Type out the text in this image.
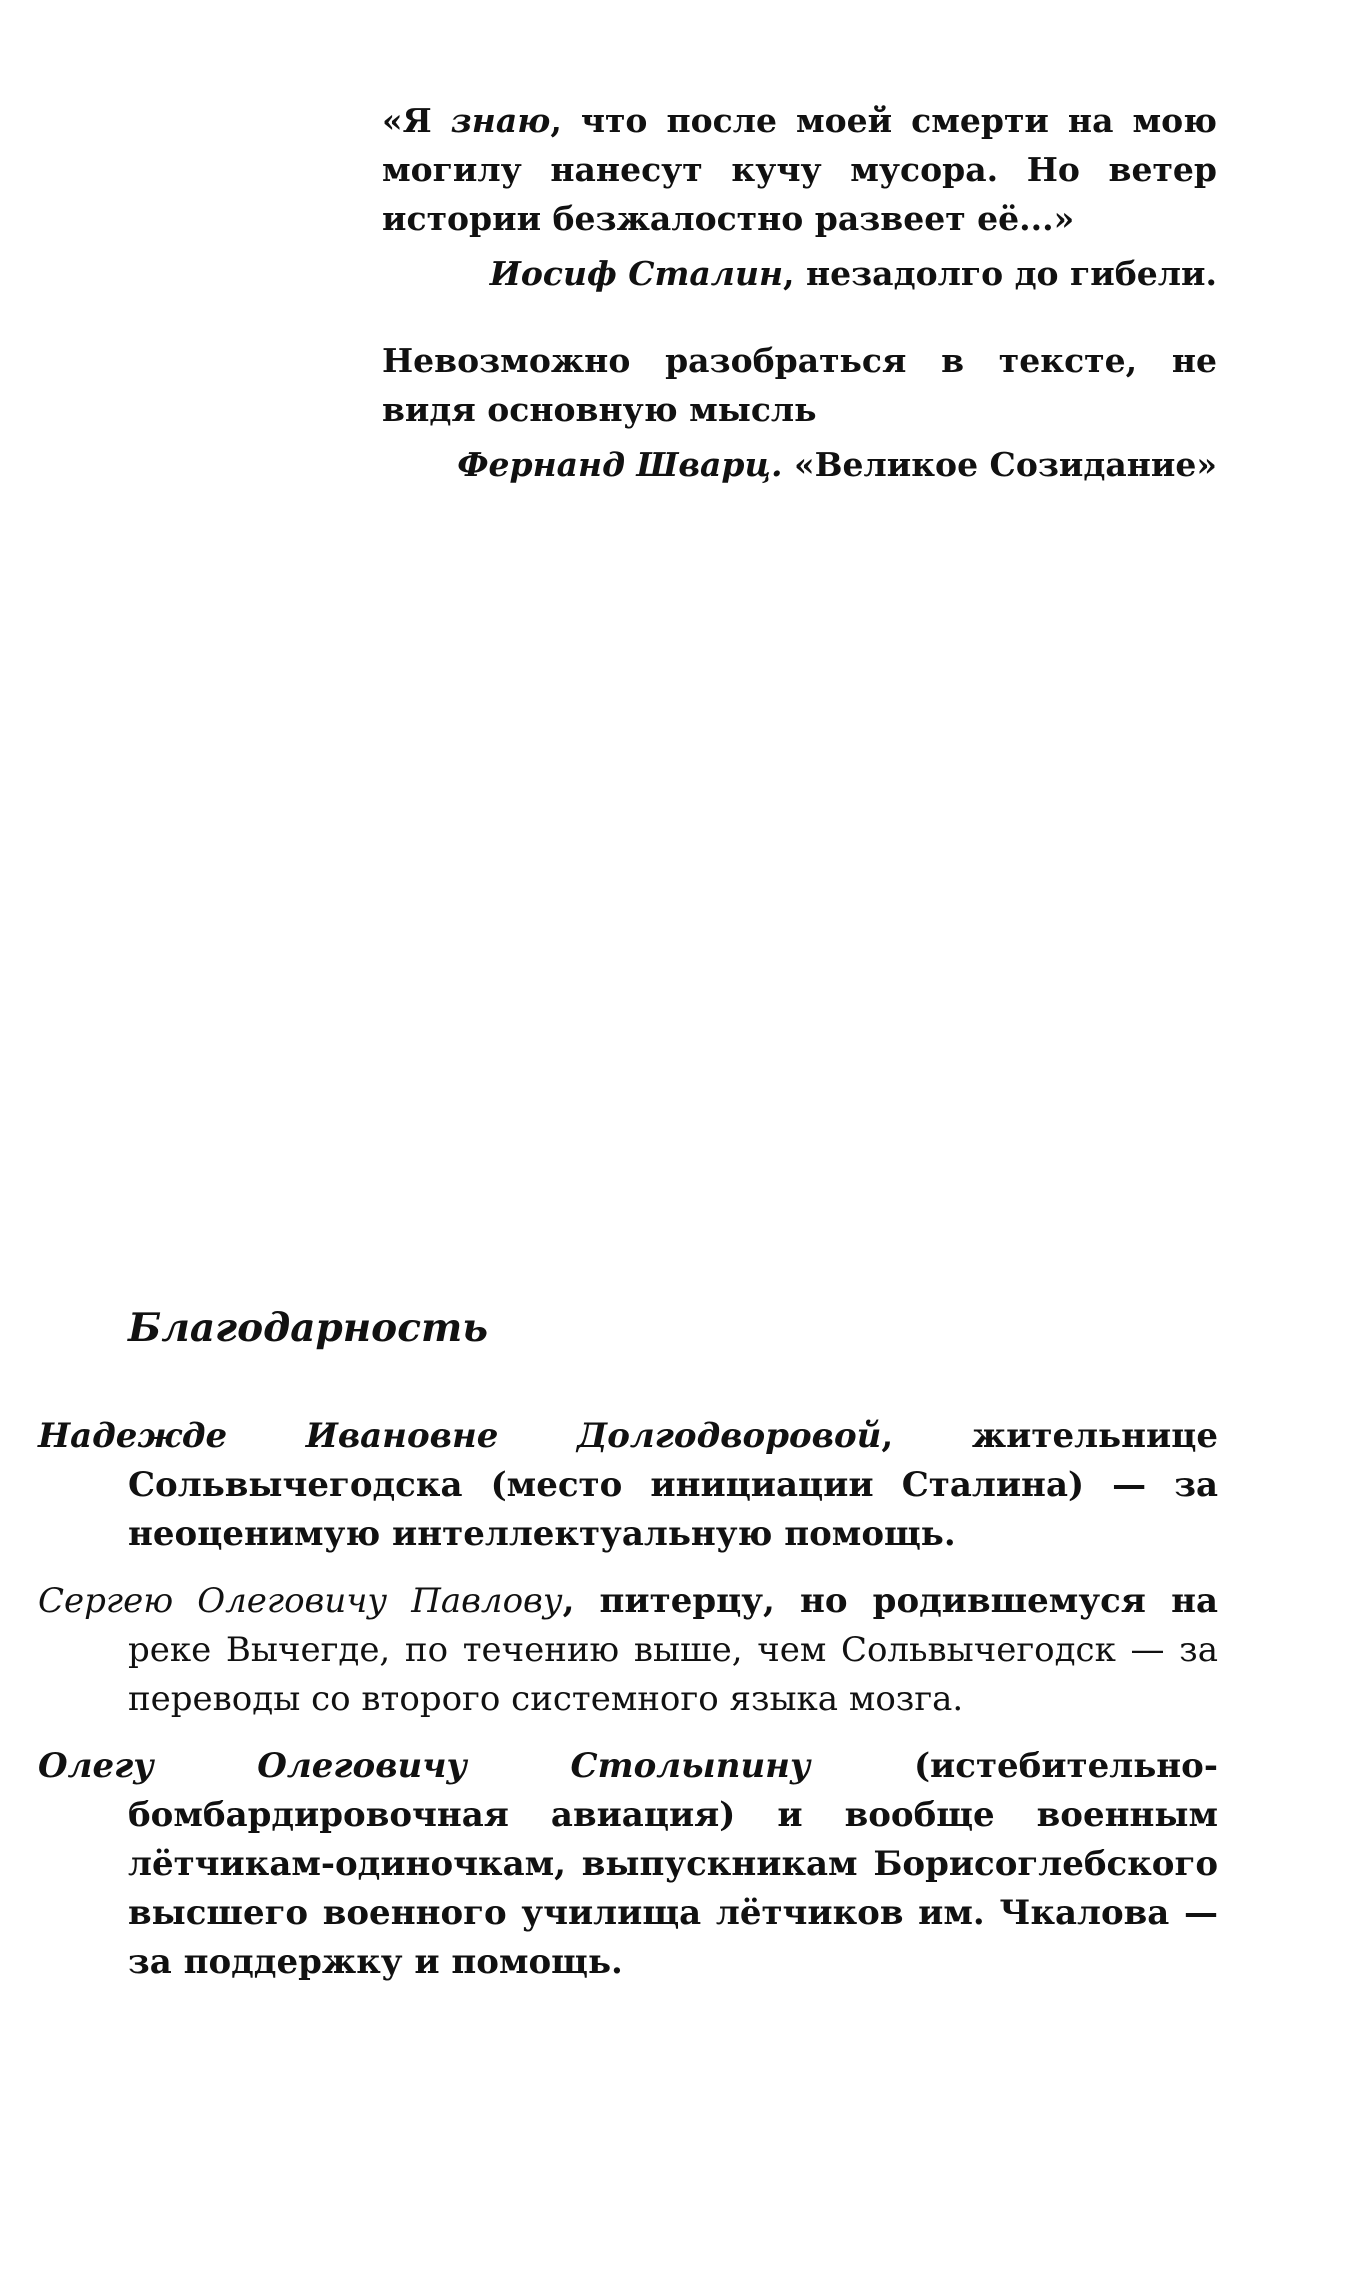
«Я знаю, что после моей смерти на мою могилу нанесут кучу мусора. Но ветер истории безжалостно развеет её...»

Иосиф Сталин, незадолго до гибели.

Невозможно разобраться в тексте, не видя основную мысль

Фернанд Шварц. «Великое Созидание»

Благодарность

Надежде Ивановне Долгодворовой, жительнице Сольвычегодска (место инициации Сталина) — за неоценимую интеллектуальную помощь.

Сергею Олеговичу Павлову, питерцу, но родившемуся на реке Вычегде, по течению выше, чем Сольвычегодск — за переводы со второго системного языка мозга.

Олегу Олеговичу Столыпину (истебительно-бомбардировочная авиация) и вообще военным лётчикам-одиночкам, выпускникам Борисоглебского высшего военного училища лётчиков им. Чкалова — за поддержку и помощь.
